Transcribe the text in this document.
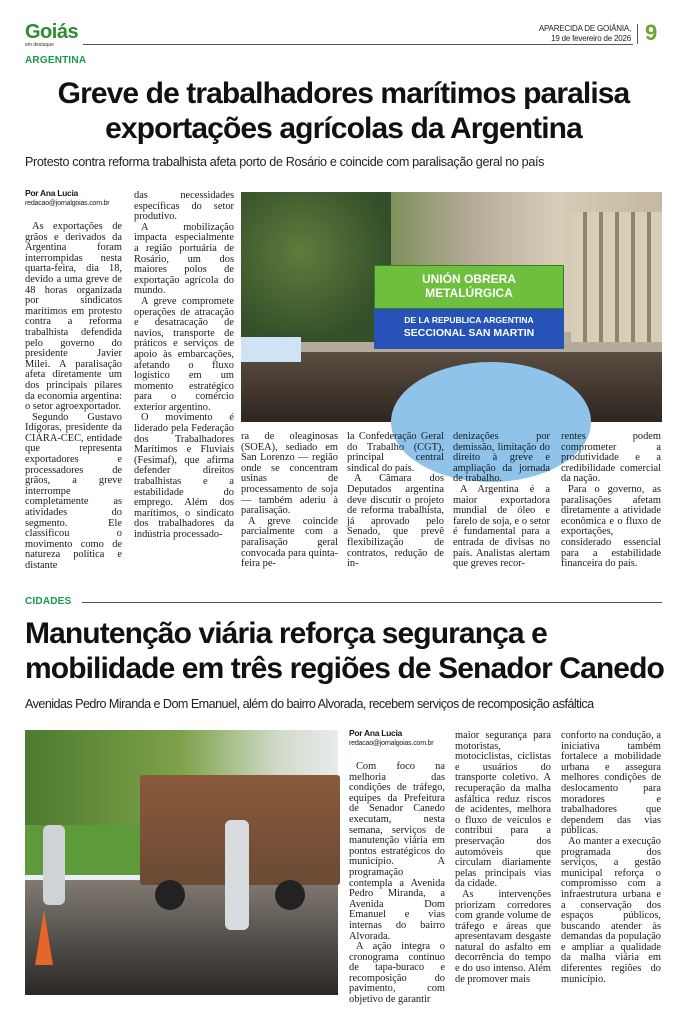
Goiás
em destaque
APARECIDA DE GOIÂNIA,
19 de fevereiro de 2026 9
ARGENTINA
Greve de trabalhadores marítimos paralisa
exportações agrícolas da Argentina
Protesto contra reforma trabalhista afeta porto de Rosário e coincide com paralisação geral no país
Por Ana Lucia
redacao@jornalgoias.com.br

As exportações de grãos e derivados da Argentina foram interrompidas nesta quarta-feira, dia 18, devido a uma greve de 48 horas organizada por sindicatos marítimos em protesto contra a reforma trabalhista defendida pelo governo do presidente Javier Milei. A paralisação afeta diretamente um dos principais pilares da economia argentina: o setor agroexportador.

Segundo Gustavo Idígoras, presidente da CIARA-CEC, entidade que representa exportadores e processadores de grãos, a greve interrompe completamente as atividades do segmento. Ele classificou o movimento como de natureza política e distante

das necessidades específicas do setor produtivo.

A mobilização impacta especialmente a região portuária de Rosário, um dos maiores polos de exportação agrícola do mundo.

A greve compromete operações de atracação e desatracação de navios, transporte de práticos e serviços de apoio às embarcações, afetando o fluxo logístico em um momento estratégico para o comércio exterior argentino.

O movimento é liderado pela Federação dos Trabalhadores Marítimos e Fluviais (Fesimaf), que afirma defender direitos trabalhistas e a estabilidade do emprego. Além dos marítimos, o sindicato dos trabalhadores da indústria processado-

UNIÓN OBRERA
METALÚRGICA
DE LA REPUBLICA ARGENTINA
SECCIONAL SAN MARTIN

ra de oleaginosas (SOEA), sediado em San Lorenzo — região onde se concentram usinas de processamento de soja — também aderiu à paralisação.

A greve coincide parcialmente com a paralisação geral convocada para quinta-feira pe-

la Confederação Geral do Trabalho (CGT), principal central sindical do país.

A Câmara dos Deputados argentina deve discutir o projeto de reforma trabalhista, já aprovado pelo Senado, que prevê flexibilização de contratos, redução de in-

denizações por demissão, limitação do direito à greve e ampliação da jornada de trabalho.

A Argentina é a maior exportadora mundial de óleo e farelo de soja, e o setor é fundamental para a entrada de divisas no país. Analistas alertam que greves recor-

rentes podem comprometer a produtividade e a credibilidade comercial da nação.

Para o governo, as paralisações afetam diretamente a atividade econômica e o fluxo de exportações, considerado essencial para a estabilidade financeira do país.

CIDADES
Manutenção viária reforça segurança e
mobilidade em três regiões de Senador Canedo
Avenidas Pedro Miranda e Dom Emanuel, além do bairro Alvorada, recebem serviços de recomposição asfáltica
Por Ana Lucia
redacao@jornalgoias.com.br

Com foco na melhoria das condições de tráfego, equipes da Prefeitura de Senador Canedo executam, nesta semana, serviços de manutenção viária em pontos estratégicos do município. A programação contempla a Avenida Pedro Miranda, a Avenida Dom Emanuel e vias internas do bairro Alvorada.

A ação integra o cronograma contínuo de tapa-buraco e recomposição do pavimento, com objetivo de garantir

maior segurança para motoristas, motociclistas, ciclistas e usuários do transporte coletivo. A recuperação da malha asfáltica reduz riscos de acidentes, melhora o fluxo de veículos e contribui para a preservação dos automóveis que circulam diariamente pelas principais vias da cidade.

As intervenções priorizam corredores com grande volume de tráfego e áreas que apresentavam desgaste natural do asfalto em decorrência do tempo e do uso intenso. Além de promover mais

conforto na condução, a iniciativa também fortalece a mobilidade urbana e assegura melhores condições de deslocamento para moradores e trabalhadores que dependem das vias públicas.

Ao manter a execução programada dos serviços, a gestão municipal reforça o compromisso com a infraestrutura urbana e a conservação dos espaços públicos, buscando atender às demandas da população e ampliar a qualidade da malha viária em diferentes regiões do município.
